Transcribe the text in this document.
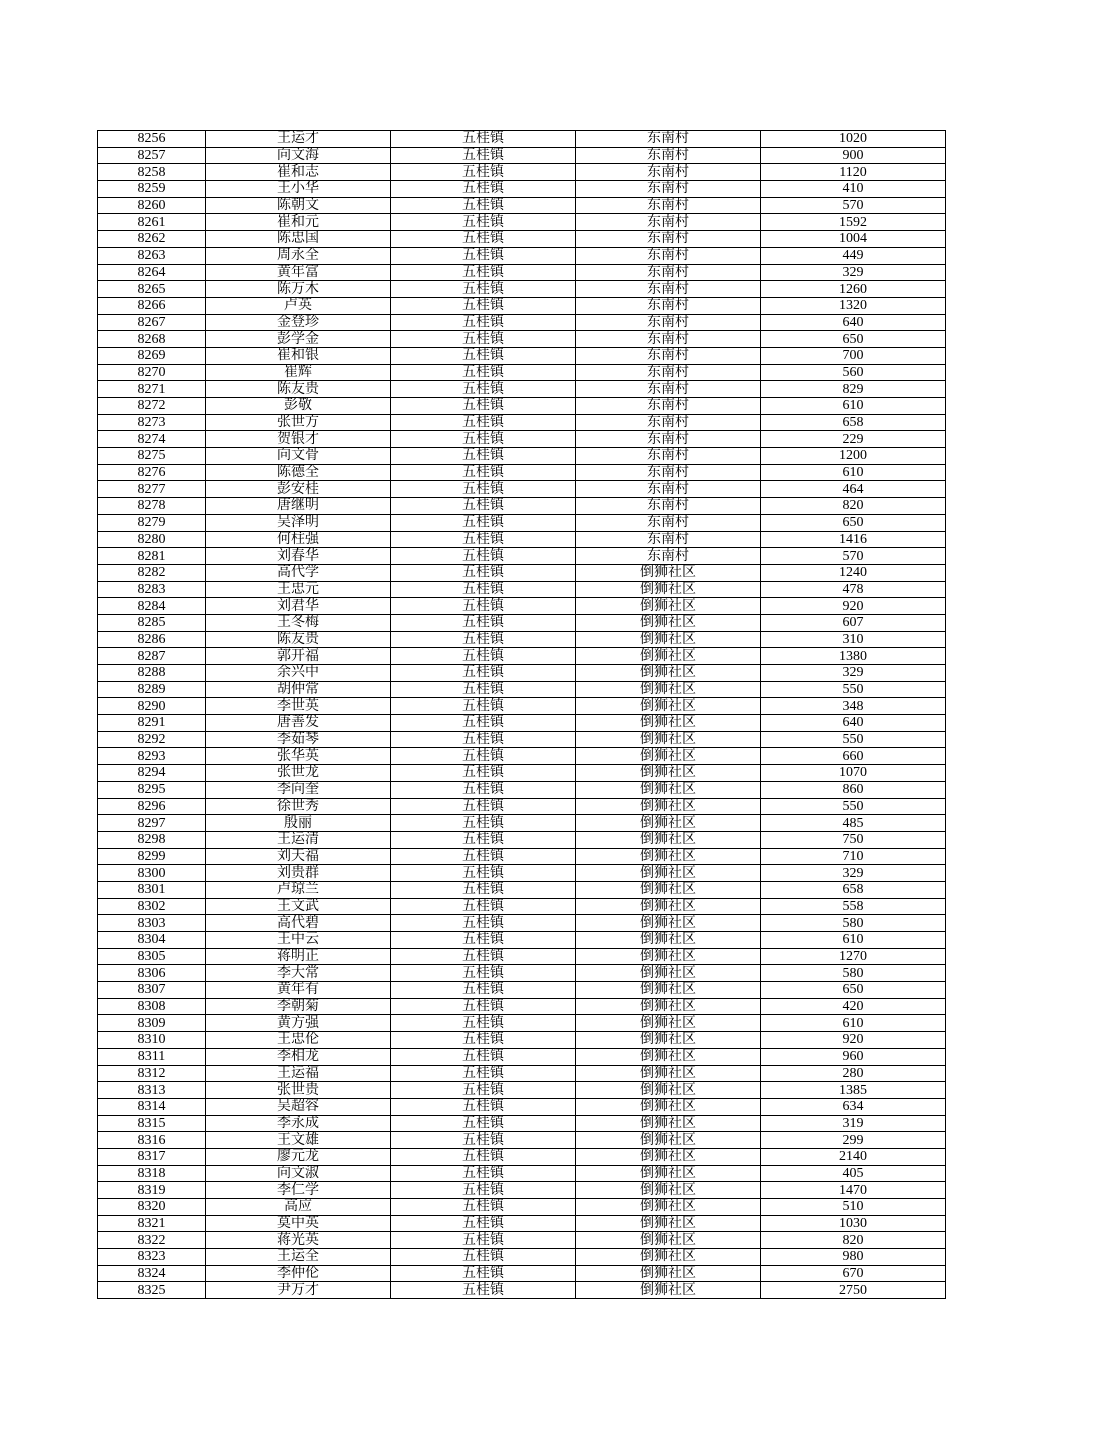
8256	王运才	五桂镇	东南村	1020
8257	向文海	五桂镇	东南村	900
8258	崔和志	五桂镇	东南村	1120
8259	王小华	五桂镇	东南村	410
8260	陈朝文	五桂镇	东南村	570
8261	崔和元	五桂镇	东南村	1592
8262	陈忠国	五桂镇	东南村	1004
8263	周永全	五桂镇	东南村	449
8264	黄年富	五桂镇	东南村	329
8265	陈万木	五桂镇	东南村	1260
8266	卢英	五桂镇	东南村	1320
8267	金登珍	五桂镇	东南村	640
8268	彭学金	五桂镇	东南村	650
8269	崔和银	五桂镇	东南村	700
8270	崔辉	五桂镇	东南村	560
8271	陈友贵	五桂镇	东南村	829
8272	彭敬	五桂镇	东南村	610
8273	张世方	五桂镇	东南村	658
8274	贺银才	五桂镇	东南村	229
8275	向文骨	五桂镇	东南村	1200
8276	陈德全	五桂镇	东南村	610
8277	彭安桂	五桂镇	东南村	464
8278	唐继明	五桂镇	东南村	820
8279	吴泽明	五桂镇	东南村	650
8280	何柱强	五桂镇	东南村	1416
8281	刘春华	五桂镇	东南村	570
8282	高代学	五桂镇	倒狮社区	1240
8283	王忠元	五桂镇	倒狮社区	478
8284	刘君华	五桂镇	倒狮社区	920
8285	王冬梅	五桂镇	倒狮社区	607
8286	陈友贵	五桂镇	倒狮社区	310
8287	郭开福	五桂镇	倒狮社区	1380
8288	余兴中	五桂镇	倒狮社区	329
8289	胡仲常	五桂镇	倒狮社区	550
8290	李世英	五桂镇	倒狮社区	348
8291	唐善发	五桂镇	倒狮社区	640
8292	李茹琴	五桂镇	倒狮社区	550
8293	张华英	五桂镇	倒狮社区	660
8294	张世龙	五桂镇	倒狮社区	1070
8295	李向奎	五桂镇	倒狮社区	860
8296	徐世秀	五桂镇	倒狮社区	550
8297	殷丽	五桂镇	倒狮社区	485
8298	王运清	五桂镇	倒狮社区	750
8299	刘天福	五桂镇	倒狮社区	710
8300	刘贵群	五桂镇	倒狮社区	329
8301	卢琼兰	五桂镇	倒狮社区	658
8302	王文武	五桂镇	倒狮社区	558
8303	高代碧	五桂镇	倒狮社区	580
8304	王中云	五桂镇	倒狮社区	610
8305	蒋明正	五桂镇	倒狮社区	1270
8306	李大常	五桂镇	倒狮社区	580
8307	黄年有	五桂镇	倒狮社区	650
8308	李朝菊	五桂镇	倒狮社区	420
8309	黄方强	五桂镇	倒狮社区	610
8310	王忠伦	五桂镇	倒狮社区	920
8311	李相龙	五桂镇	倒狮社区	960
8312	王运福	五桂镇	倒狮社区	280
8313	张世贵	五桂镇	倒狮社区	1385
8314	吴超容	五桂镇	倒狮社区	634
8315	李永成	五桂镇	倒狮社区	319
8316	王文雄	五桂镇	倒狮社区	299
8317	廖元龙	五桂镇	倒狮社区	2140
8318	向文淑	五桂镇	倒狮社区	405
8319	李仁学	五桂镇	倒狮社区	1470
8320	高应	五桂镇	倒狮社区	510
8321	莫中英	五桂镇	倒狮社区	1030
8322	蒋光英	五桂镇	倒狮社区	820
8323	王运全	五桂镇	倒狮社区	980
8324	李仲伦	五桂镇	倒狮社区	670
8325	尹万才	五桂镇	倒狮社区	2750
